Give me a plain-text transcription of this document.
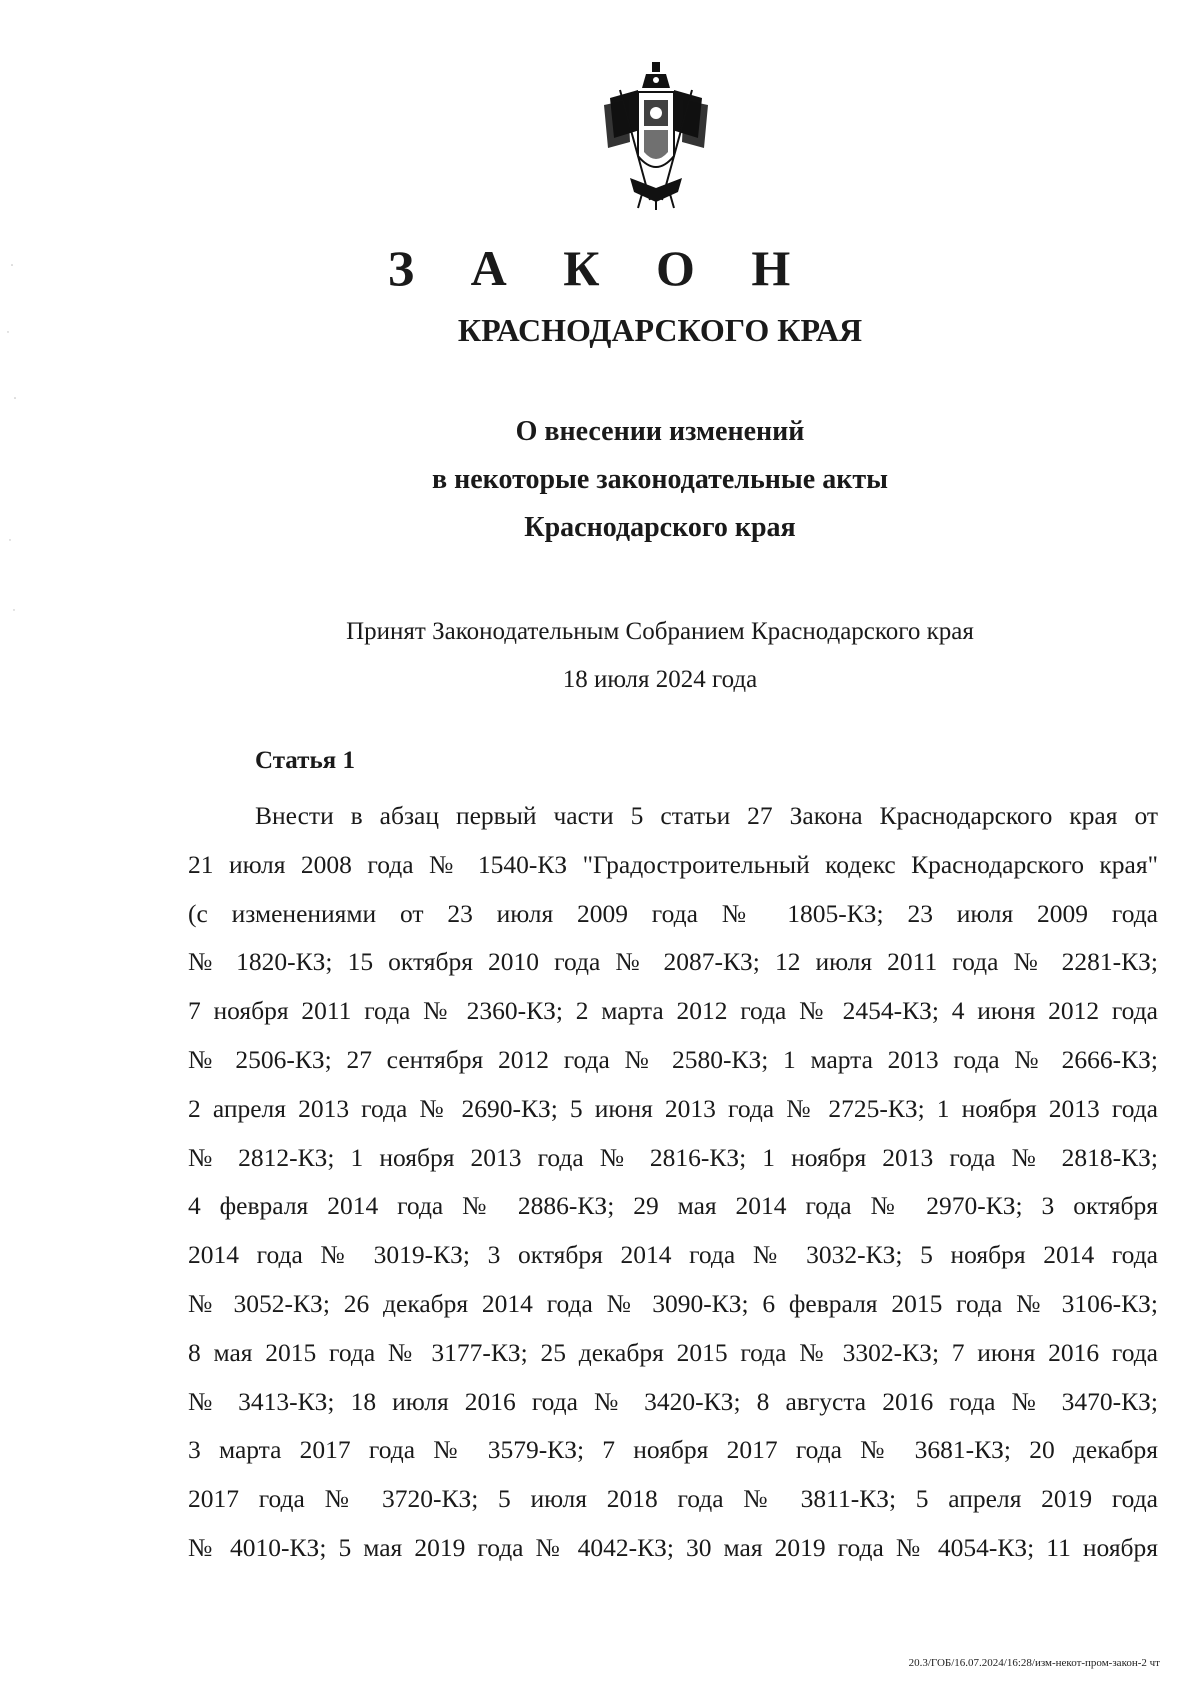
З А К О Н
КРАСНОДАРСКОГО КРАЯ
О внесении изменений
в некоторые законодательные акты
Краснодарского края
Принят Законодательным Собранием Краснодарского края
18 июля 2024 года
Статья 1
Внести в абзац первый части 5 статьи 27 Закона Краснодарского края от
21 июля 2008 года № 1540-КЗ "Градостроительный кодекс Краснодарского края"
(с изменениями от 23 июля 2009 года № 1805-КЗ; 23 июля 2009 года
№ 1820-КЗ; 15 октября 2010 года № 2087-КЗ; 12 июля 2011 года № 2281-КЗ;
7 ноября 2011 года № 2360-КЗ; 2 марта 2012 года № 2454-КЗ; 4 июня 2012 года
№ 2506-КЗ; 27 сентября 2012 года № 2580-КЗ; 1 марта 2013 года № 2666-КЗ;
2 апреля 2013 года № 2690-КЗ; 5 июня 2013 года № 2725-КЗ; 1 ноября 2013 года
№ 2812-КЗ; 1 ноября 2013 года № 2816-КЗ; 1 ноября 2013 года № 2818-КЗ;
4 февраля 2014 года № 2886-КЗ; 29 мая 2014 года № 2970-КЗ; 3 октября
2014 года № 3019-КЗ; 3 октября 2014 года № 3032-КЗ; 5 ноября 2014 года
№ 3052-КЗ; 26 декабря 2014 года № 3090-КЗ; 6 февраля 2015 года № 3106-КЗ;
8 мая 2015 года № 3177-КЗ; 25 декабря 2015 года № 3302-КЗ; 7 июня 2016 года
№ 3413-КЗ; 18 июля 2016 года № 3420-КЗ; 8 августа 2016 года № 3470-КЗ;
3 марта 2017 года № 3579-КЗ; 7 ноября 2017 года № 3681-КЗ; 20 декабря
2017 года № 3720-КЗ; 5 июля 2018 года № 3811-КЗ; 5 апреля 2019 года
№ 4010-КЗ; 5 мая 2019 года № 4042-КЗ; 30 мая 2019 года № 4054-КЗ; 11 ноября
20.3/ГОБ/16.07.2024/16:28/изм-некот-пром-закон-2 чт
